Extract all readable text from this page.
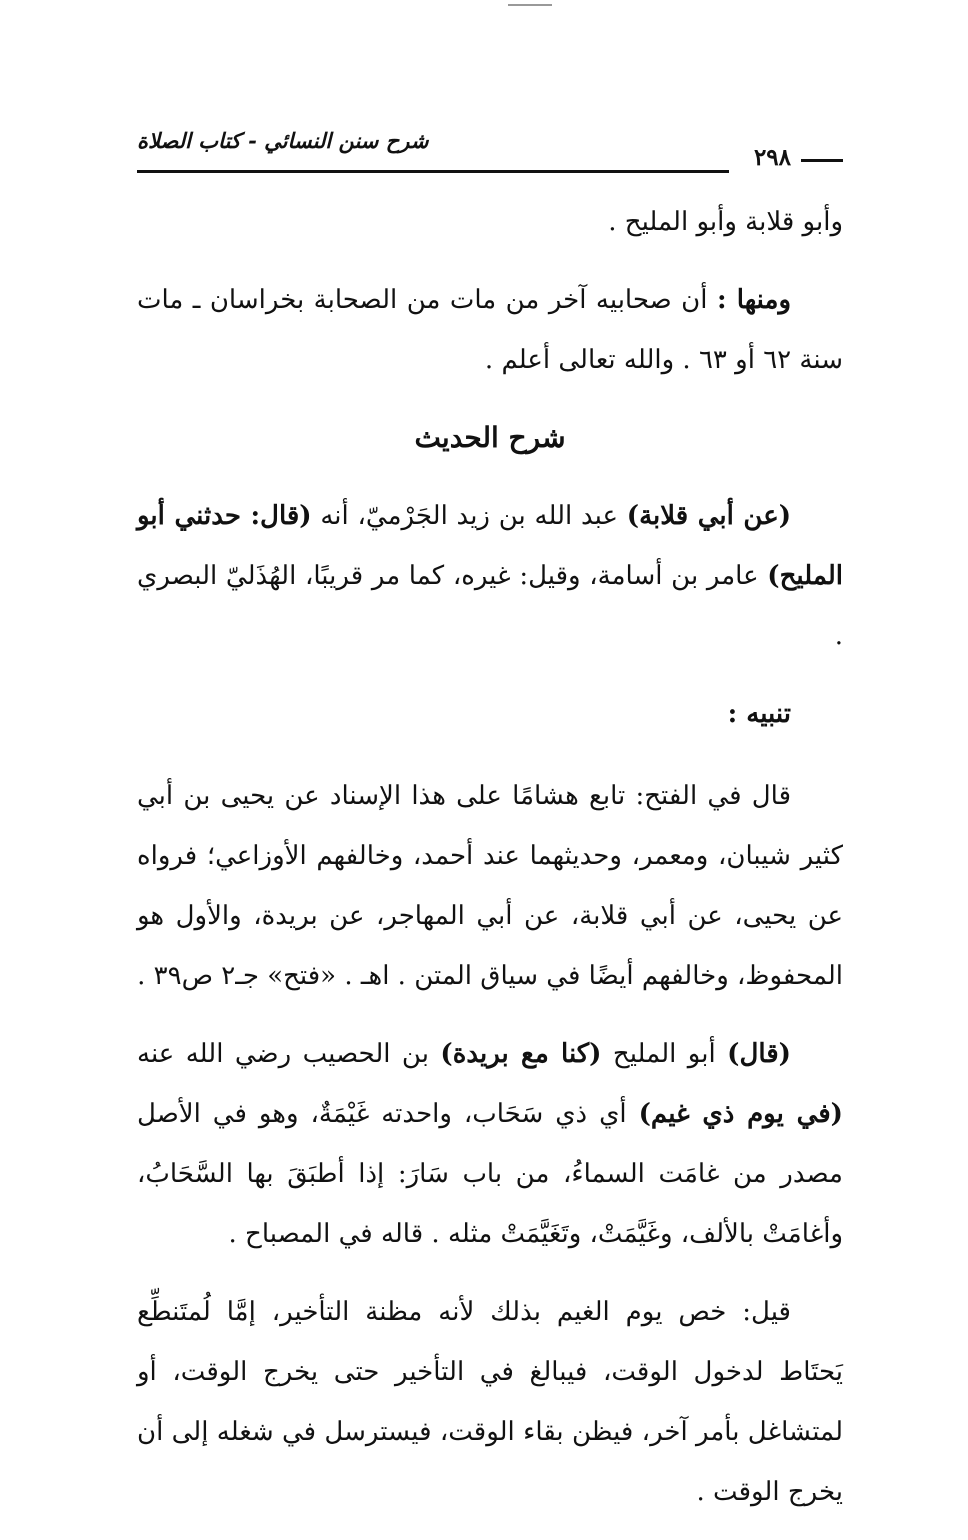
شرح سنن النسائي - كتاب الصلاة
٢٩٨

وأبو قلابة وأبو المليح .

ومنها : أن صحابيه آخر من مات من الصحابة بخراسان ـ مات سنة ٦٢ أو ٦٣ . والله تعالى أعلم .

شرح الحديث

(عن أبي قلابة) عبد الله بن زيد الجَرْميّ، أنه (قال: حدثني أبو المليح) عامر بن أسامة، وقيل: غيره، كما مر قريبًا، الهُذَليّ البصري .

تنبيه :

قال في الفتح: تابع هشامًا على هذا الإسناد عن يحيى بن أبي كثير شيبان، ومعمر، وحديثهما عند أحمد، وخالفهم الأوزاعي؛ فرواه عن يحيى، عن أبي قلابة، عن أبي المهاجر، عن بريدة، والأول هو المحفوظ، وخالفهم أيضًا في سياق المتن . اهـ . «فتح» جـ٢ ص٣٩ .

(قال) أبو المليح (كنا مع بريدة) بن الحصيب رضي الله عنه (في يوم ذي غيم) أي ذي سَحَاب، واحدته غَيْمَةٌ، وهو في الأصل مصدر من غامَت السماءُ، من باب سَارَ: إذا أطبَقَ بها السَّحَابُ، وأغامَتْ بالألف، وغَيَّمَتْ، وتَغَيَّمَتْ مثله . قاله في المصباح .

قيل: خص يوم الغيم بذلك لأنه مظنة التأخير، إمَّا لُمتَنطِّع يَحتَاط لدخول الوقت، فيبالغ في التأخير حتى يخرج الوقت، أو لمتشاغل بأمر آخر، فيظن بقاء الوقت، فيسترسل في شغله إلى أن يخرج الوقت .
